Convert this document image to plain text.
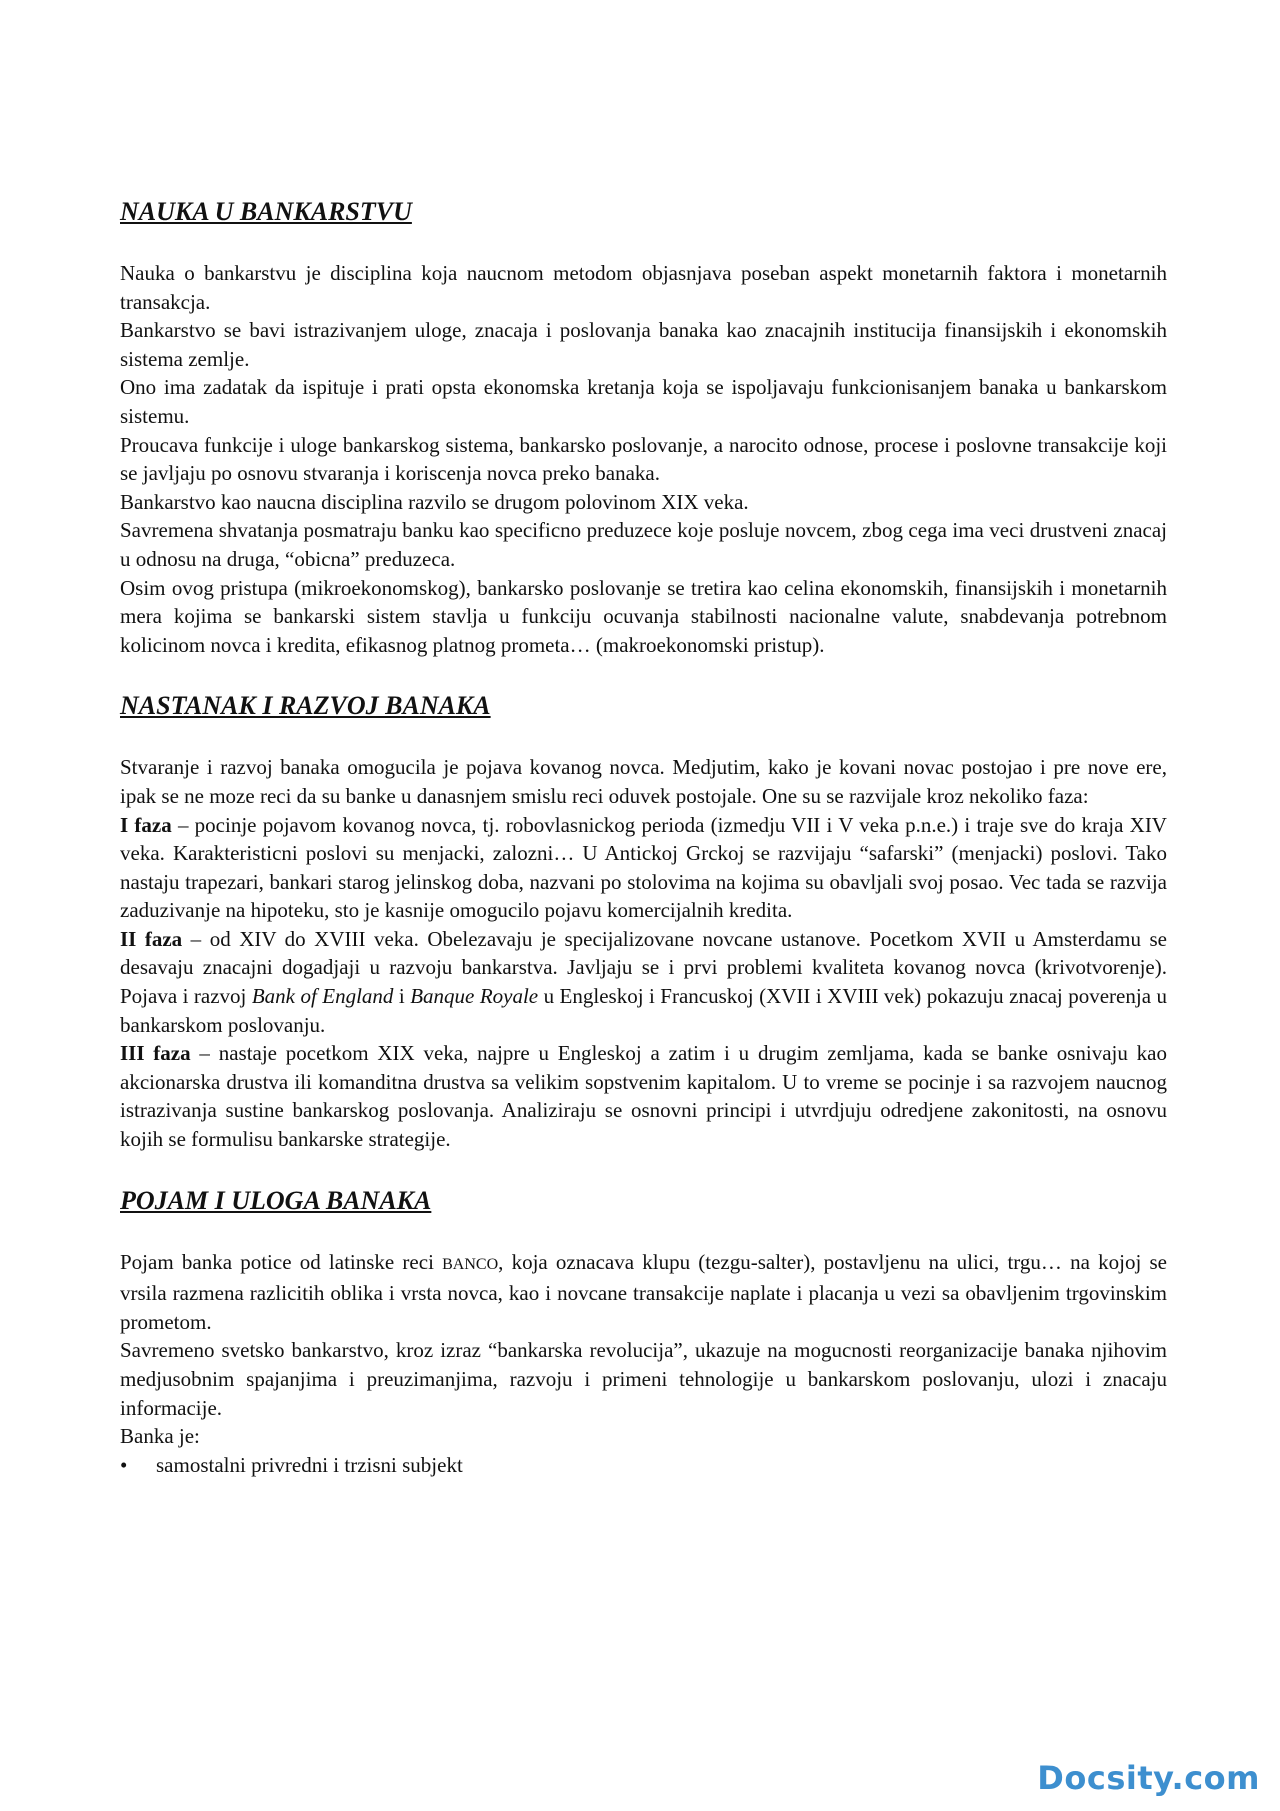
NAUKA U BANKARSTVU

Nauka o bankarstvu je disciplina koja naucnom metodom objasnjava poseban aspekt monetarnih faktora i monetarnih transakcja.

Bankarstvo se bavi istrazivanjem uloge, znacaja i poslovanja banaka kao znacajnih institucija finansijskih i ekonomskih sistema zemlje.

Ono ima zadatak da ispituje i prati opsta ekonomska kretanja koja se ispoljavaju funkcionisanjem banaka u bankarskom sistemu.

Proucava funkcije i uloge bankarskog sistema, bankarsko poslovanje, a narocito odnose, procese i poslovne transakcije koji se javljaju po osnovu stvaranja i koriscenja novca preko banaka.

Bankarstvo kao naucna disciplina razvilo se drugom polovinom XIX veka.

Savremena shvatanja posmatraju banku kao specificno preduzece koje posluje novcem, zbog cega ima veci drustveni znacaj u odnosu na druga, “obicna” preduzeca.

Osim ovog pristupa (mikroekonomskog), bankarsko poslovanje se tretira kao celina ekonomskih, finansijskih i monetarnih mera kojima se bankarski sistem stavlja u funkciju ocuvanja stabilnosti nacionalne valute, snabdevanja potrebnom kolicinom novca i kredita, efikasnog platnog prometa… (makroekonomski pristup).

NASTANAK I RAZVOJ BANAKA

Stvaranje i razvoj banaka omogucila je pojava kovanog novca. Medjutim, kako je kovani novac postojao i pre nove ere, ipak se ne moze reci da su banke u danasnjem smislu reci oduvek postojale. One su se razvijale kroz nekoliko faza:

I faza – pocinje pojavom kovanog novca, tj. robovlasnickog perioda (izmedju VII i V veka p.n.e.) i traje sve do kraja XIV veka. Karakteristicni poslovi su menjacki, zalozni… U Antickoj Grckoj se razvijaju “safarski” (menjacki) poslovi. Tako nastaju trapezari, bankari starog jelinskog doba, nazvani po stolovima na kojima su obavljali svoj posao. Vec tada se razvija zaduzivanje na hipoteku, sto je kasnije omogucilo pojavu komercijalnih kredita.

II faza – od XIV do XVIII veka. Obelezavaju je specijalizovane novcane ustanove. Pocetkom XVII u Amsterdamu se desavaju znacajni dogadjaji u razvoju bankarstva. Javljaju se i prvi problemi kvaliteta kovanog novca (krivotvorenje). Pojava i razvoj Bank of England i Banque Royale u Engleskoj i Francuskoj (XVII i XVIII vek) pokazuju znacaj poverenja u bankarskom poslovanju.

III faza – nastaje pocetkom XIX veka, najpre u Engleskoj a zatim i u drugim zemljama, kada se banke osnivaju kao akcionarska drustva ili komanditna drustva sa velikim sopstvenim kapitalom. U to vreme se pocinje i sa razvojem naucnog istrazivanja sustine bankarskog poslovanja. Analiziraju se osnovni principi i utvrdjuju odredjene zakonitosti, na osnovu kojih se formulisu bankarske strategije.

POJAM I ULOGA BANAKA

Pojam banka potice od latinske reci BANCO, koja oznacava klupu (tezgu-salter), postavljenu na ulici, trgu… na kojoj se vrsila razmena razlicitih oblika i vrsta novca, kao i novcane transakcije naplate i placanja u vezi sa obavljenim trgovinskim prometom.

Savremeno svetsko bankarstvo, kroz izraz “bankarska revolucija”, ukazuje na mogucnosti reorganizacije banaka njihovim medjusobnim spajanjima i preuzimanjima, razvoju i primeni tehnologije u bankarskom poslovanju, ulozi i znacaju informacije.

Banka je:

• samostalni privredni i trzisni subjekt
Docsity.com
